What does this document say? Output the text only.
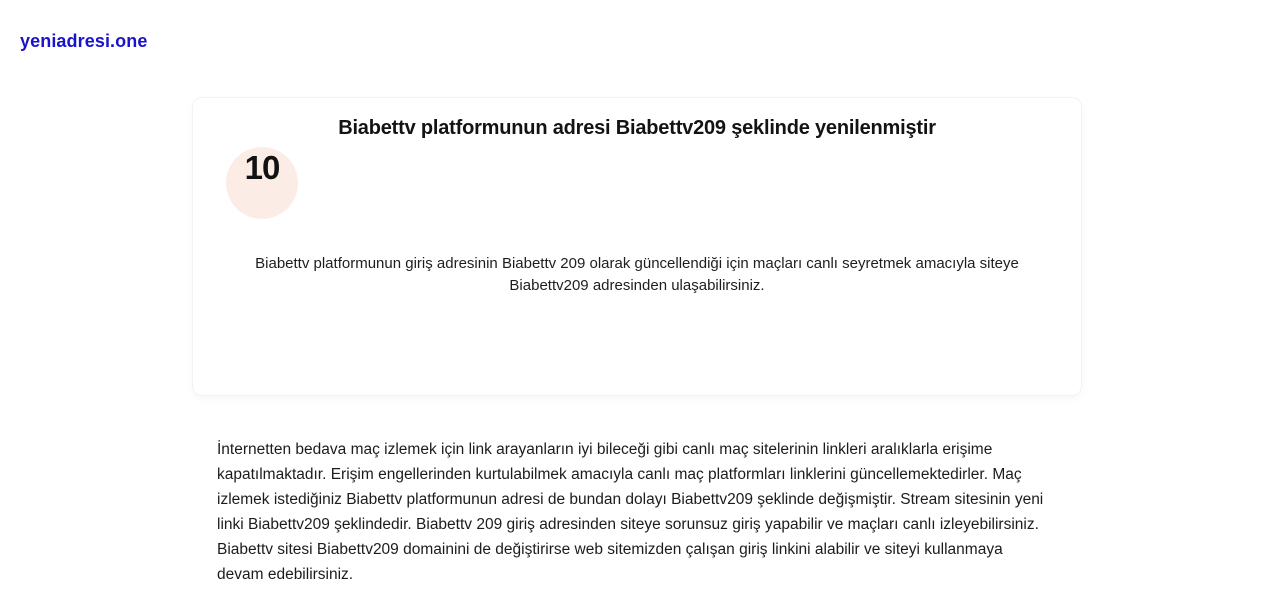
yeniadresi.one
Biabettv platformunun adresi Biabettv209 şeklinde yenilenmiştir
10

Biabettv platformunun giriş adresinin Biabettv 209 olarak güncellendiği için maçları canlı seyretmek amacıyla siteye Biabettv209 adresinden ulaşabilirsiniz.

İnternetten bedava maç izlemek için link arayanların iyi bileceği gibi canlı maç sitelerinin linkleri aralıklarla erişime kapatılmaktadır. Erişim engellerinden kurtulabilmek amacıyla canlı maç platformları linklerini güncellemektedirler. Maç izlemek istediğiniz Biabettv platformunun adresi de bundan dolayı Biabettv209 şeklinde değişmiştir. Stream sitesinin yeni linki Biabettv209 şeklindedir. Biabettv 209 giriş adresinden siteye sorunsuz giriş yapabilir ve maçları canlı izleyebilirsiniz. Biabettv sitesi Biabettv209 domainini de değiştirirse web sitemizden çalışan giriş linkini alabilir ve siteyi kullanmaya devam edebilirsiniz.
